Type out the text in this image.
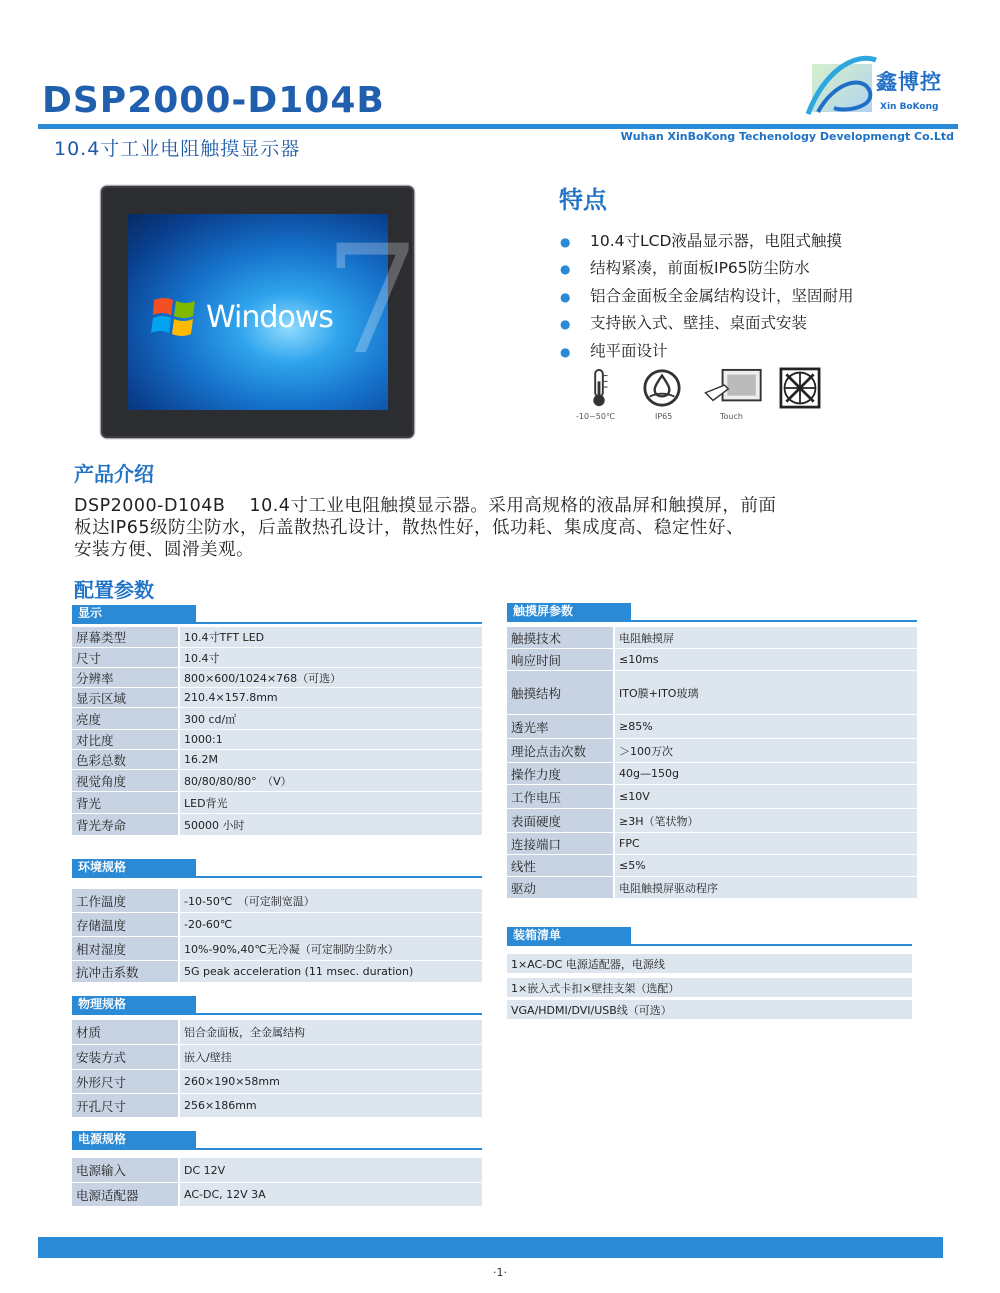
DSP2000-D104B
10.4寸工业电阻触摸显示器
Wuhan XinBoKong Techenology Developmengt Co.Ltd
鑫博控
Xin BoKong
7
Windows
特点
● 10.4寸LCD液晶显示器，电阻式触摸
● 结构紧凑，前面板IP65防尘防水
● 铝合金面板全金属结构设计，坚固耐用
● 支持嵌入式、壁挂、桌面式安装
● 纯平面设计
-10~50℃	IP65	Touch
产品介绍
DSP2000-D104B　 10.4寸工业电阻触摸显示器。采用高规格的液晶屏和触摸屏，前面
板达IP65级防尘防水，后盖散热孔设计，散热性好，低功耗、集成度高、稳定性好、
安装方便、圆滑美观。
配置参数
显示
屏幕类型	10.4寸TFT LED
尺寸	10.4寸
分辨率	800×600/1024×768（可选）
显示区域	210.4×157.8mm
亮度	300 cd/㎡
对比度	1000:1
色彩总数	16.2M
视觉角度	80/80/80/80°　（V）
背光	LED背光
背光寿命	50000 小时
环境规格
工作温度	-10-50℃　（可定制宽温）
存储温度	-20-60℃
相对湿度	10%-90%,40℃无冷凝（可定制防尘防水）
抗冲击系数	5G peak acceleration (11 msec. duration)
物理规格
材质	铝合金面板，全金属结构
安装方式	嵌入/壁挂
外形尺寸	260×190×58mm
开孔尺寸	256×186mm
电源规格
电源输入	DC 12V
电源适配器	AC-DC, 12V 3A
触摸屏参数
触摸技术	电阻触摸屏
响应时间	≤10ms
触摸结构	ITO膜+ITO玻璃
透光率	≥85%
理论点击次数	＞100万次
操作力度	40g—150g
工作电压	≤10V
表面硬度	≥3H（笔状物）
连接端口	FPC
线性	≤5%
驱动	电阻触摸屏驱动程序
装箱清单
1×AC-DC 电源适配器，电源线
1×嵌入式卡扣×壁挂支架（选配）
VGA/HDMI/DVI/USB线（可选）
·1·
